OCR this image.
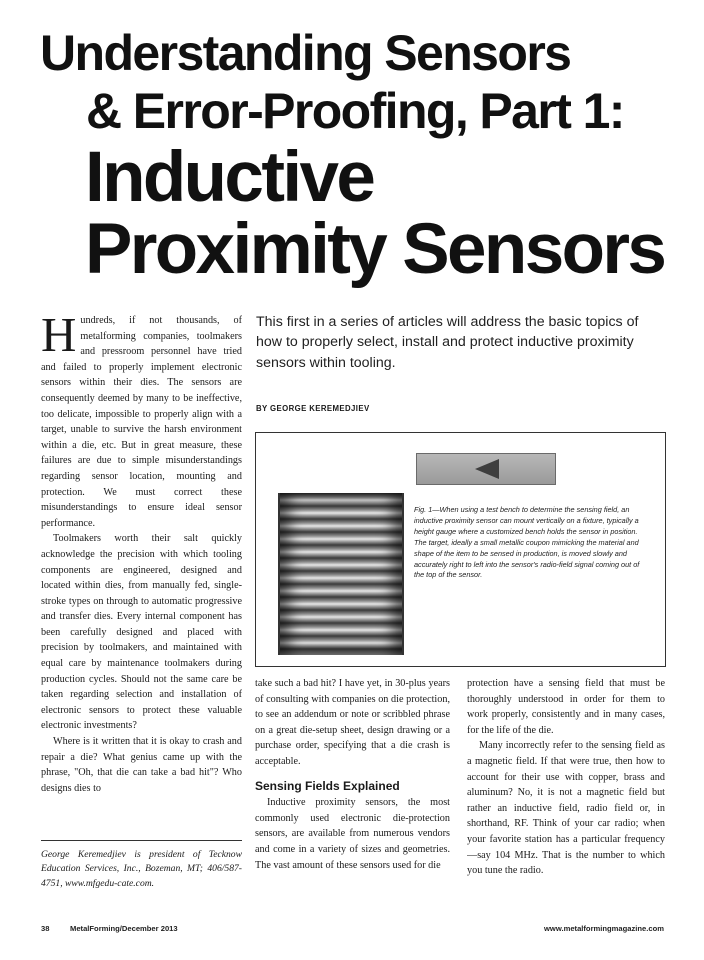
Understanding Sensors
& Error-Proofing, Part 1:
Inductive
Proximity Sensors
H undreds, if not thousands, of metalforming companies, toolmakers and pressroom personnel have tried and failed to properly implement electronic sensors within their dies. The sensors are consequently deemed by many to be ineffective, too delicate, impossible to properly align with a target, unable to survive the harsh environment within a die, etc. But in great measure, these failures are due to simple misunderstandings regarding sensor location, mounting and protection. We must correct these misunderstandings to ensure ideal sensor performance.

Toolmakers worth their salt quickly acknowledge the precision with which tooling components are engineered, designed and located within dies, from manually fed, single-stroke types on through to automatic progressive and transfer dies. Every internal component has been carefully designed and placed with precision by toolmakers, and maintained with equal care by maintenance toolmakers during production cycles. Should not the same care be taken regarding selection and installation of electronic sensors to protect these valuable electronic investments?

Where is it written that it is okay to crash and repair a die? What genius came up with the phrase, "Oh, that die can take a bad hit"? Who designs dies to

George Keremedjiev is president of Tecknow Education Services, Inc., Bozeman, MT; 406/587-4751, www.mfgedu-cate.com.
This first in a series of articles will address the basic topics of how to properly select, install and protect inductive proximity sensors within tooling.
BY GEORGE KEREMEDJIEV
Fig. 1—When using a test bench to determine the sensing field, an inductive proximity sensor can mount vertically on a fixture, typically a height gauge where a customized bench holds the sensor in position. The target, ideally a small metallic coupon mimicking the material and shape of the item to be sensed in production, is moved slowly and accurately right to left into the sensor's radio-field signal coming out of the top of the sensor.

take such a bad hit? I have yet, in 30-plus years of consulting with companies on die protection, to see an addendum or note or scribbled phrase on a great die-setup sheet, design drawing or a purchase order, specifying that a die crash is acceptable.

Sensing Fields Explained

Inductive proximity sensors, the most commonly used electronic die-protection sensors, are available from numerous vendors and come in a variety of sizes and geometries. The vast amount of these sensors used for die

protection have a sensing field that must be thoroughly understood in order for them to work properly, consistently and in many cases, for the life of the die.

Many incorrectly refer to the sensing field as a magnetic field. If that were true, then how to account for their use with copper, brass and aluminum? No, it is not a magnetic field but rather an inductive field, radio field or, in shorthand, RF. Think of your car radio; when your favorite station has a particular frequency—say 104 MHz. That is the number to which you tune the radio.

38	MetalForming/December 2013	www.metalformingmagazine.com
